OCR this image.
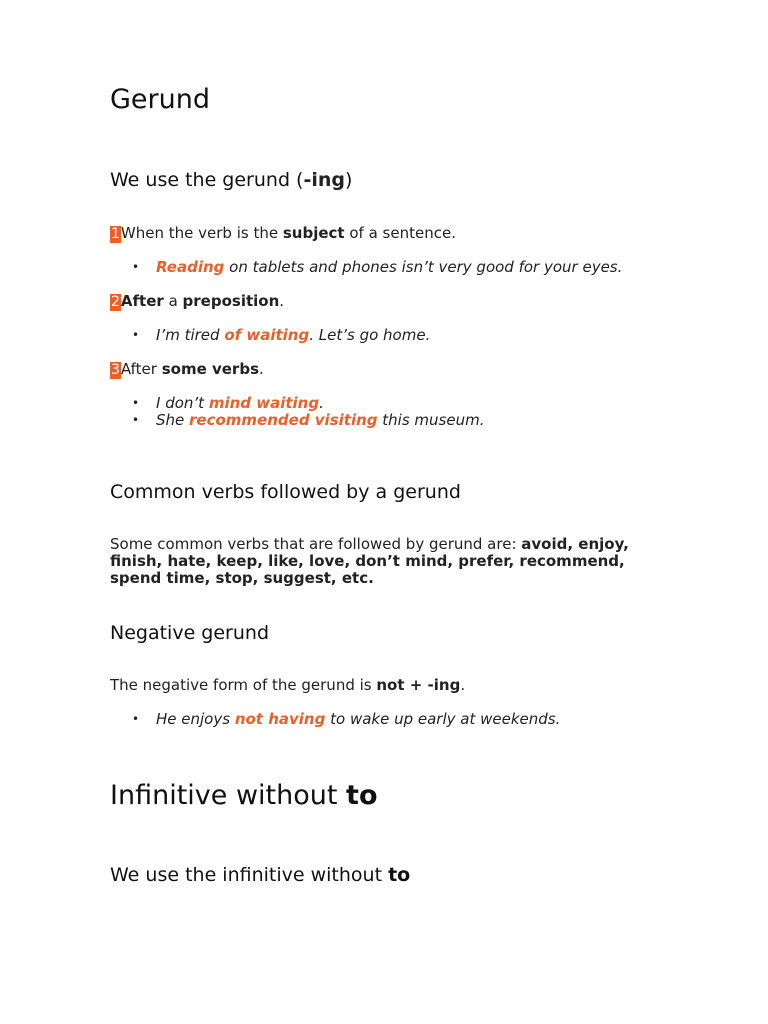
Gerund
We use the gerund (-ing)

1When the verb is the subject of a sentence.

• Reading on tablets and phones isn’t very good for your eyes.

2After a preposition.

• I’m tired of waiting. Let’s go home.

3After some verbs.

• I don’t mind waiting.
• She recommended visiting this museum.
Common verbs followed by a gerund

Some common verbs that are followed by gerund are: avoid, enjoy,
finish, hate, keep, like, love, don’t mind, prefer, recommend,
spend time, stop, suggest, etc.

Negative gerund

The negative form of the gerund is not + -ing.

• He enjoys not having to wake up early at weekends.
Infinitive without to
We use the infinitive without to
